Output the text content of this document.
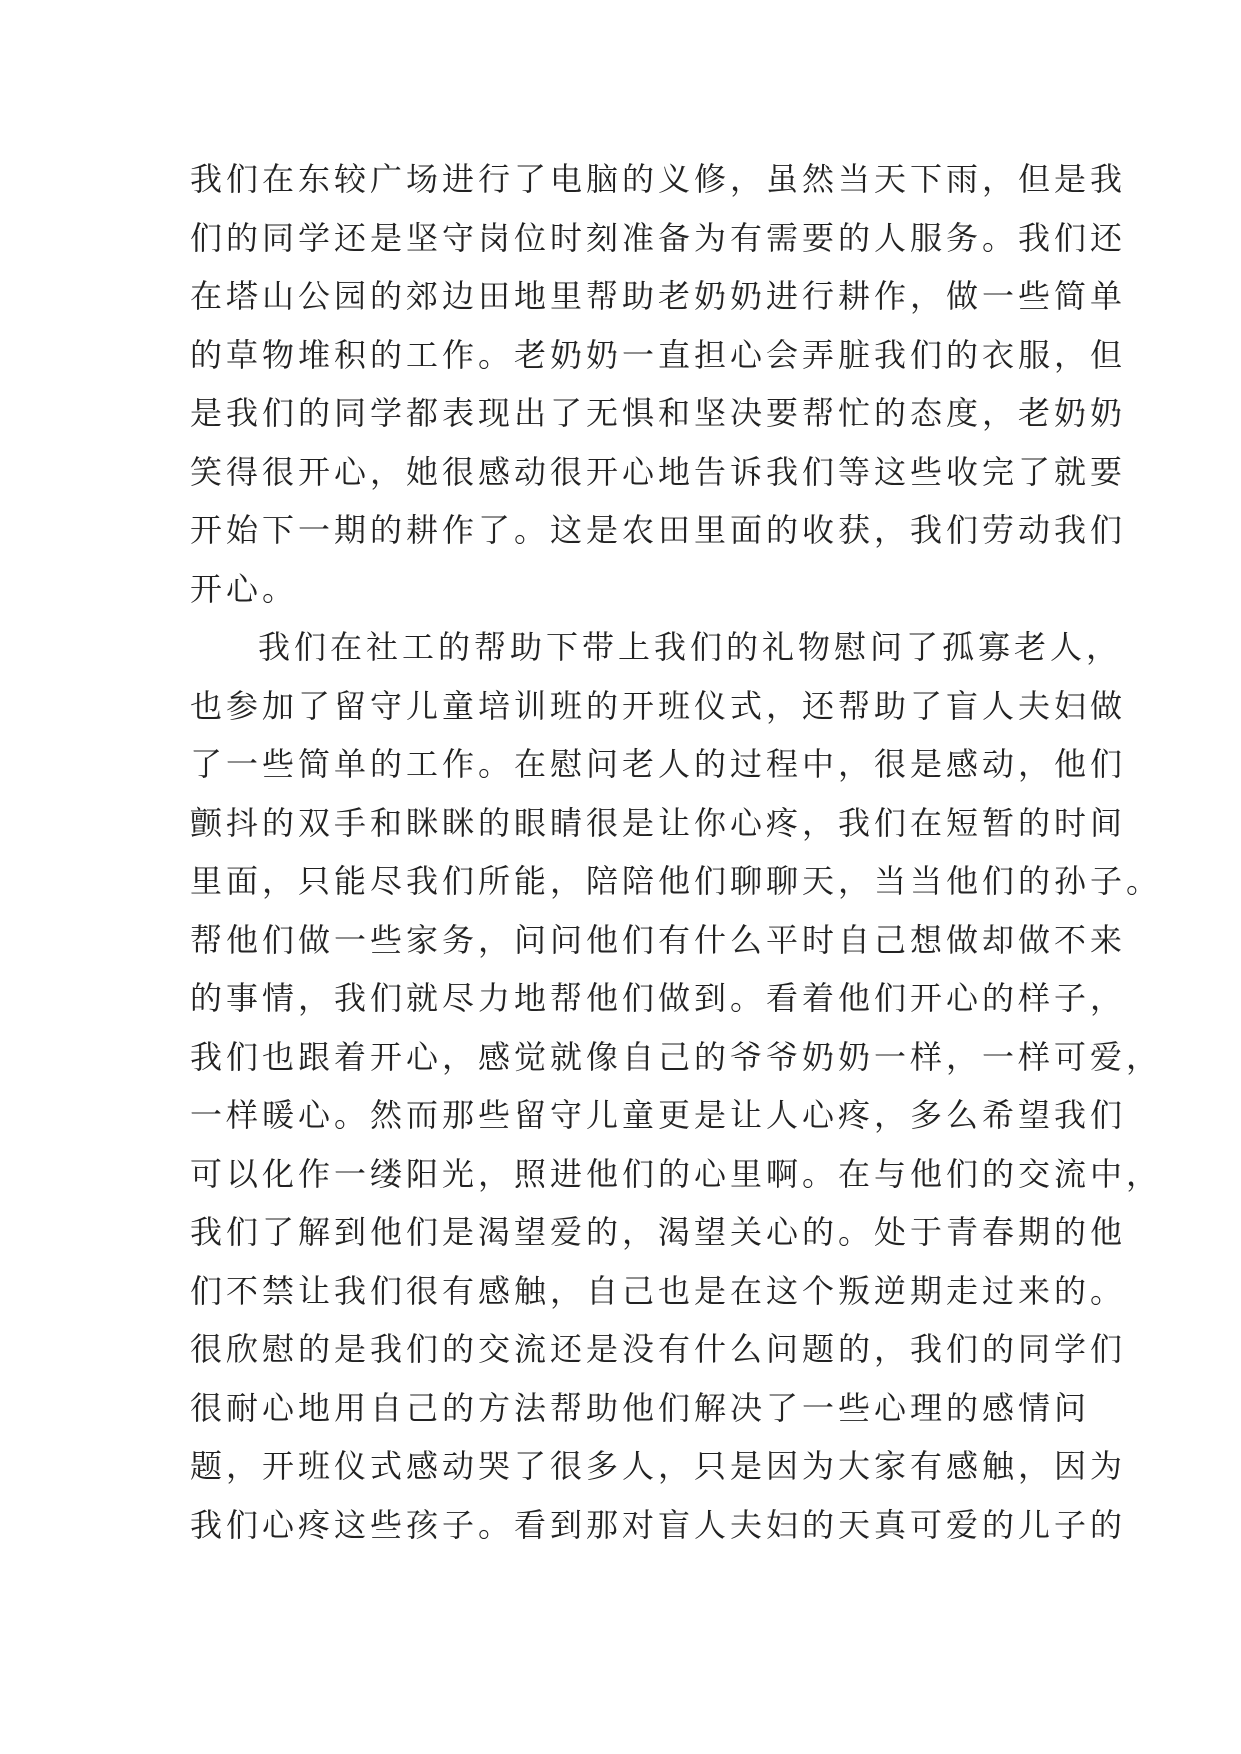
我们在东较广场进行了电脑的义修，虽然当天下雨，但是我
们的同学还是坚守岗位时刻准备为有需要的人服务。我们还
在塔山公园的郊边田地里帮助老奶奶进行耕作，做一些简单
的草物堆积的工作。老奶奶一直担心会弄脏我们的衣服，但
是我们的同学都表现出了无惧和坚决要帮忙的态度，老奶奶
笑得很开心，她很感动很开心地告诉我们等这些收完了就要
开始下一期的耕作了。这是农田里面的收获，我们劳动我们
开心。
我们在社工的帮助下带上我们的礼物慰问了孤寡老人，
也参加了留守儿童培训班的开班仪式，还帮助了盲人夫妇做
了一些简单的工作。在慰问老人的过程中，很是感动，他们
颤抖的双手和眯眯的眼睛很是让你心疼，我们在短暂的时间
里面，只能尽我们所能，陪陪他们聊聊天，当当他们的孙子。
帮他们做一些家务，问问他们有什么平时自己想做却做不来
的事情，我们就尽力地帮他们做到。看着他们开心的样子，
我们也跟着开心，感觉就像自己的爷爷奶奶一样，一样可爱，
一样暖心。然而那些留守儿童更是让人心疼，多么希望我们
可以化作一缕阳光，照进他们的心里啊。在与他们的交流中，
我们了解到他们是渴望爱的，渴望关心的。处于青春期的他
们不禁让我们很有感触，自己也是在这个叛逆期走过来的。
很欣慰的是我们的交流还是没有什么问题的，我们的同学们
很耐心地用自己的方法帮助他们解决了一些心理的感情问
题，开班仪式感动哭了很多人，只是因为大家有感触，因为
我们心疼这些孩子。看到那对盲人夫妇的天真可爱的儿子的
